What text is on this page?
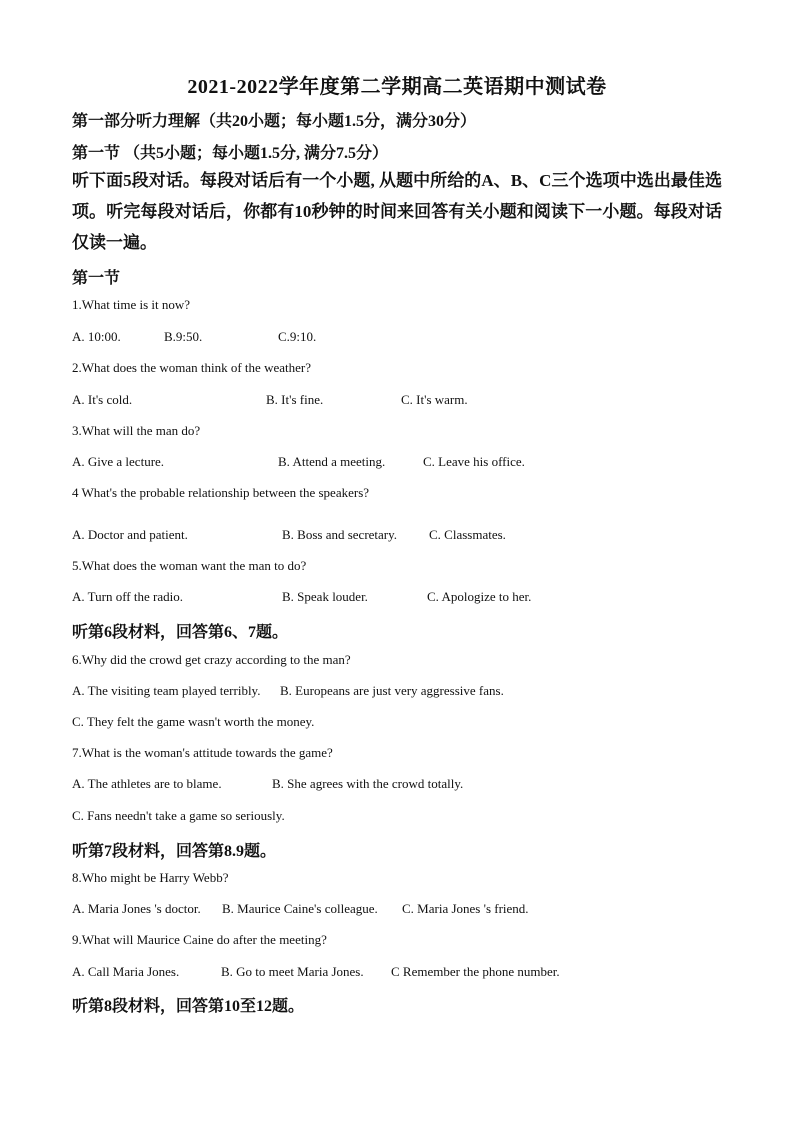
2021-2022学年度第二学期高二英语期中测试卷
第一部分听力理解（共20小题；每小题1.5分，满分30分）
第一节 （共5小题；每小题1.5分, 满分7.5分）
听下面5段对话。每段对话后有一个小题, 从题中所给的A、B、C三个选项中选出最佳选项。听完每段对话后，你都有10秒钟的时间来回答有关小题和阅读下一小题。每段对话仅读一遍。
第一节
1.What time is it now?
A. 10:00.	B.9:50.	C.9:10.
2.What does the woman think of the weather?
A. It's cold.	B. It's fine.	C. It's warm.
3.What will the man do?
A. Give a lecture.	B. Attend a meeting.	C. Leave his office.
4 What's the probable relationship between the speakers?
A. Doctor and patient.	B. Boss and secretary. C. Classmates.
5.What does the woman want the man to do?
A. Turn off the radio.	B. Speak louder.	C. Apologize to her.
听第6段材料，回答第6、7题。
6.Why did the crowd get crazy according to the man?
A. The visiting team played terribly. B. Europeans are just very aggressive fans.
C. They felt the game wasn't worth the money.
7.What is the woman's attitude towards the game?
A. The athletes are to blame.	B. She agrees with the crowd totally.
C. Fans needn't take a game so seriously.
听第7段材料，回答第8.9题。
8.Who might be Harry Webb?
A. Maria Jones 's doctor. B. Maurice Caine's colleague. C. Maria Jones 's friend.
9.What will Maurice Caine do after the meeting?
A. Call Maria Jones.	B. Go to meet Maria Jones. C Remember the phone number.
听第8段材料，回答第10至12题。
